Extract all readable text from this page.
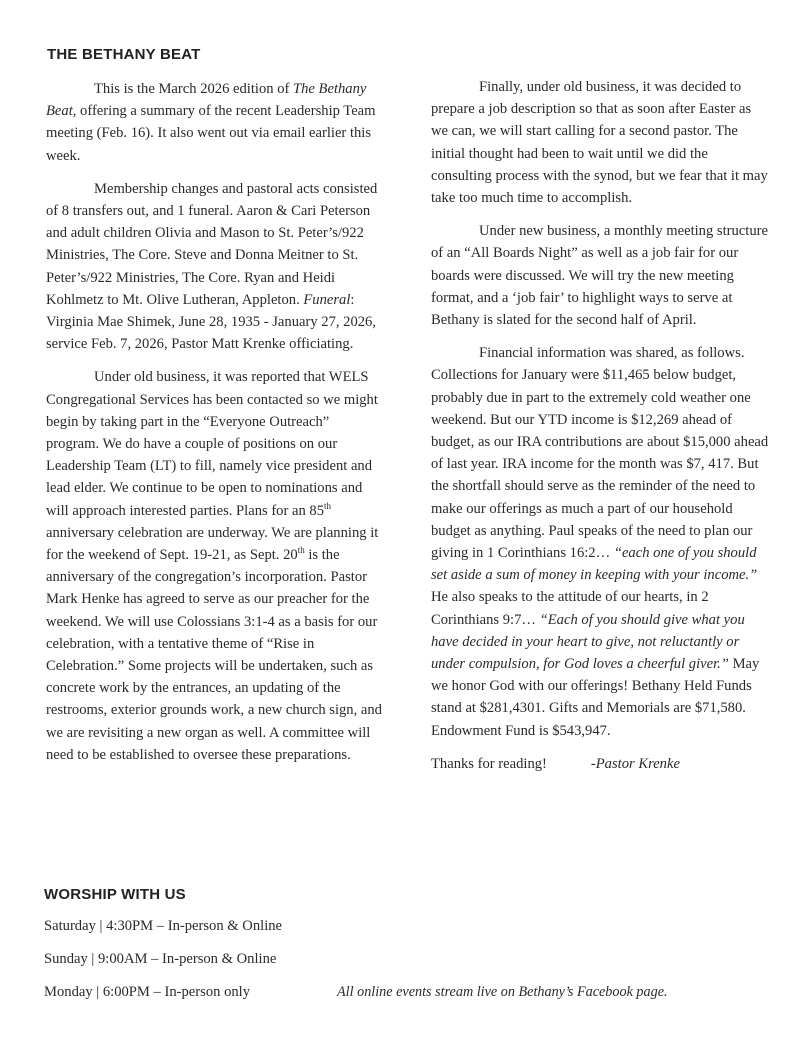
THE BETHANY BEAT

This is the March 2026 edition of The Bethany Beat, offering a summary of the recent Leadership Team meeting (Feb. 16). It also went out via email earlier this week.

Membership changes and pastoral acts consisted of 8 transfers out, and 1 funeral. Aaron & Cari Peterson and adult children Olivia and Mason to St. Peter’s/922 Ministries, The Core. Steve and Donna Meitner to St. Peter’s/922 Ministries, The Core. Ryan and Heidi Kohlmetz to Mt. Olive Lutheran, Appleton. Funeral: Virginia Mae Shimek, June 28, 1935 - January 27, 2026, service Feb. 7, 2026, Pastor Matt Krenke officiating.

Under old business, it was reported that WELS Congregational Services has been contacted so we might begin by taking part in the “Everyone Outreach” program. We do have a couple of positions on our Leadership Team (LT) to fill, namely vice president and lead elder. We continue to be open to nominations and will approach interested parties. Plans for an 85th anniversary celebration are underway. We are planning it for the weekend of Sept. 19-21, as Sept. 20th is the anniversary of the congregation’s incorporation. Pastor Mark Henke has agreed to serve as our preacher for the weekend. We will use Colossians 3:1-4 as a basis for our celebration, with a tentative theme of “Rise in Celebration.” Some projects will be undertaken, such as concrete work by the entrances, an updating of the restrooms, exterior grounds work, a new church sign, and we are revisiting a new organ as well. A committee will need to be established to oversee these preparations.

Finally, under old business, it was decided to prepare a job description so that as soon after Easter as we can, we will start calling for a second pastor. The initial thought had been to wait until we did the consulting process with the synod, but we fear that it may take too much time to accomplish.

Under new business, a monthly meeting structure of an “All Boards Night” as well as a job fair for our boards were discussed. We will try the new meeting format, and a ‘job fair’ to highlight ways to serve at Bethany is slated for the second half of April.

Financial information was shared, as follows. Collections for January were $11,465 below budget, probably due in part to the extremely cold weather one weekend. But our YTD income is $12,269 ahead of budget, as our IRA contributions are about $15,000 ahead of last year. IRA income for the month was $7, 417. But the shortfall should serve as the reminder of the need to make our offerings as much a part of our household budget as anything. Paul speaks of the need to plan our giving in 1 Corinthians 16:2… “each one of you should set aside a sum of money in keeping with your income.” He also speaks to the attitude of our hearts, in 2 Corinthians 9:7… “Each of you should give what you have decided in your heart to give, not reluctantly or under compulsion, for God loves a cheerful giver.” May we honor God with our offerings! Bethany Held Funds stand at $281,4301. Gifts and Memorials are $71,580. Endowment Fund is $543,947.

Thanks for reading!	-Pastor Krenke

WORSHIP WITH US
Saturday | 4:30PM – In-person & Online
Sunday | 9:00AM – In-person & Online
Monday | 6:00PM – In-person only	All online events stream live on Bethany’s Facebook page.
